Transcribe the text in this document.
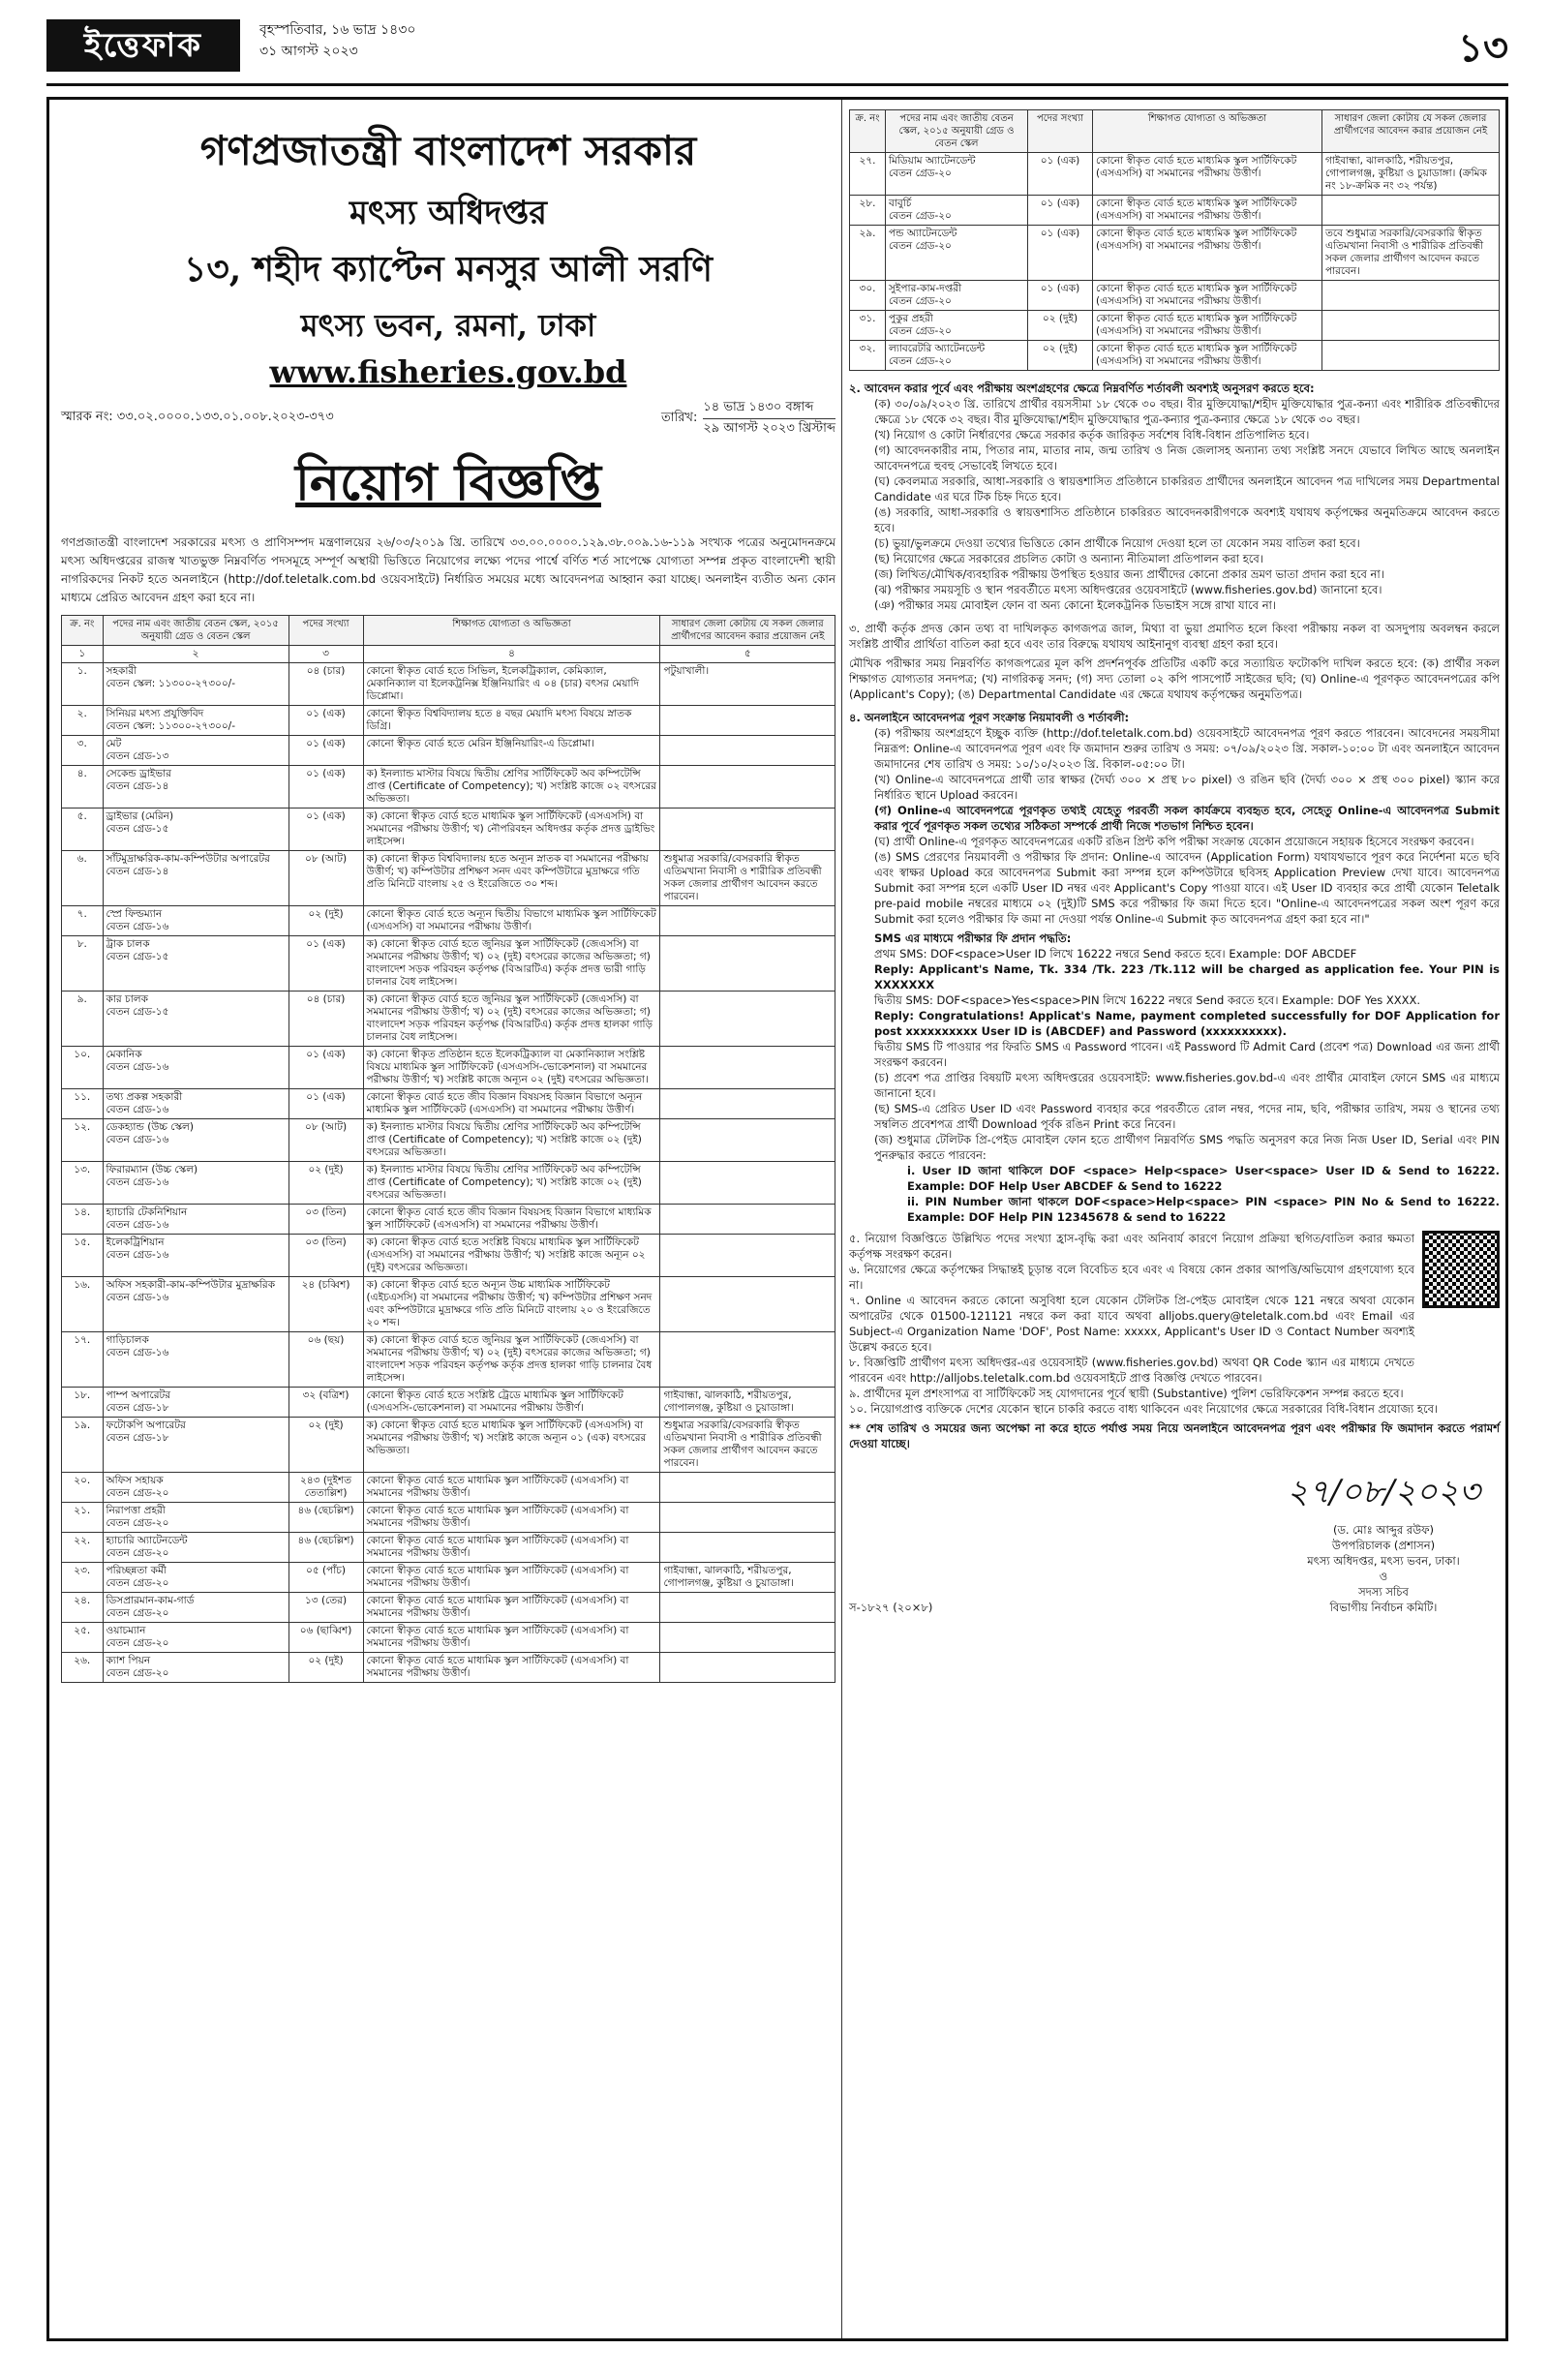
ইত্তেফাক	বৃহস্পতিবার, ১৬ ভাদ্র ১৪৩০
৩১ আগস্ট ২০২৩	১৩
গণপ্রজাতন্ত্রী বাংলাদেশ সরকার
মৎস্য অধিদপ্তর
১৩, শহীদ ক্যাপ্টেন মনসুর আলী সরণি
মৎস্য ভবন, রমনা, ঢাকা
www.fisheries.gov.bd
স্মারক নং: ৩৩.০২.০০০০.১৩৩.০১.০০৮.২০২৩-৩৭৩	তারিখ:
১৪ ভাদ্র ১৪৩০ বঙ্গাব্দ
২৯ আগস্ট ২০২৩ খ্রিস্টাব্দ
নিয়োগ বিজ্ঞপ্তি
গণপ্রজাতন্ত্রী বাংলাদেশ সরকারের মৎস্য ও প্রাণিসম্পদ মন্ত্রণালয়ের ২৬/০৩/২০১৯ খ্রি. তারিখে ৩৩.০০.০০০০.১২৯.৩৮.০০৯.১৬-১১৯ সংখ্যক পত্রের অনুমোদনক্রমে মৎস্য অধিদপ্তরের রাজস্ব খাতভুক্ত নিম্নবর্ণিত পদসমূহে সম্পূর্ণ অস্থায়ী ভিত্তিতে নিয়োগের লক্ষ্যে পদের পার্শ্বে বর্ণিত শর্ত সাপেক্ষে যোগ্যতা সম্পন্ন প্রকৃত বাংলাদেশী স্থায়ী নাগরিকদের নিকট হতে অনলাইনে (http://dof.teletalk.com.bd ওয়েবসাইটে) নির্ধারিত সময়ের মধ্যে আবেদনপত্র আহ্বান করা যাচ্ছে। অনলাইন ব্যতীত অন্য কোন মাধ্যমে প্রেরিত আবেদন গ্রহণ করা হবে না।
ক্র. নং	পদের নাম এবং জাতীয় বেতন স্কেল, ২০১৫ অনুযায়ী গ্রেড ও বেতন স্কেল	পদের সংখ্যা	শিক্ষাগত যোগ্যতা ও অভিজ্ঞতা	সাধারণ জেলা কোটায় যে সকল জেলার প্রার্থীগণের আবেদন করার প্রয়োজন নেই
১	২	৩	৪	৫
১.	সহকারী
বেতন স্কেল: ১১৩০০-২৭৩০০/-	০৪ (চার)	কোনো স্বীকৃত বোর্ড হতে সিভিল, ইলেকট্রিক্যাল, কেমিক্যাল, মেকানিক্যাল বা ইলেকট্রনিক্স ইঞ্জিনিয়ারিং এ ০৪ (চার) বৎসর মেয়াদি ডিপ্লোমা।	পটুয়াখালী।
২.	সিনিয়র মৎস্য প্রযুক্তিবিদ
বেতন স্কেল: ১১৩০০-২৭৩০০/-	০১ (এক)	কোনো স্বীকৃত বিশ্ববিদ্যালয় হতে ৪ বছর মেয়াদি মৎস্য বিষয়ে স্নাতক ডিগ্রি।	
৩.	মেট
বেতন গ্রেড-১৩	০১ (এক)	কোনো স্বীকৃত বোর্ড হতে মেরিন ইঞ্জিনিয়ারিং-এ ডিপ্লোমা।	
৪.	সেকেন্ড ড্রাইভার
বেতন গ্রেড-১৪	০১ (এক)	ক) ইনল্যান্ড মাস্টার বিষয়ে দ্বিতীয় শ্রেণির সার্টিফিকেট অব কম্পিটেন্সি প্রাপ্ত (Certificate of Competency); খ) সংশ্লিষ্ট কাজে ০২ বৎসরের অভিজ্ঞতা।	
৫.	ড্রাইভার (মেরিন)
বেতন গ্রেড-১৫	০১ (এক)	ক) কোনো স্বীকৃত বোর্ড হতে মাধ্যমিক স্কুল সার্টিফিকেট (এসএসসি) বা সমমানের পরীক্ষায় উত্তীর্ণ; খ) নৌপরিবহন অধিদপ্তর কর্তৃক প্রদত্ত ড্রাইভিং লাইসেন্স।	
৬.	সাঁটমুদ্রাক্ষরিক-কাম-কম্পিউটার অপারেটর
বেতন গ্রেড-১৪	০৮ (আট)	ক) কোনো স্বীকৃত বিশ্ববিদ্যালয় হতে অন্যূন স্নাতক বা সমমানের পরীক্ষায় উত্তীর্ণ; খ) কম্পিউটার প্রশিক্ষণ সনদ এবং কম্পিউটারে মুদ্রাক্ষরে গতি প্রতি মিনিটে বাংলায় ২৫ ও ইংরেজিতে ৩০ শব্দ।	শুধুমাত্র সরকারি/বেসরকারি স্বীকৃত এতিমখানা নিবাসী ও শারীরিক প্রতিবন্ধী সকল জেলার প্রার্থীগণ আবেদন করতে পারবেন।
৭.	স্প্রে ফিল্ডম্যান
বেতন গ্রেড-১৬	০২ (দুই)	কোনো স্বীকৃত বোর্ড হতে অন্যূন দ্বিতীয় বিভাগে মাধ্যমিক স্কুল সার্টিফিকেট (এসএসসি) বা সমমানের পরীক্ষায় উত্তীর্ণ।	
৮.	ট্রাক চালক
বেতন গ্রেড-১৫	০১ (এক)	ক) কোনো স্বীকৃত বোর্ড হতে জুনিয়র স্কুল সার্টিফিকেট (জেএসসি) বা সমমানের পরীক্ষায় উত্তীর্ণ; খ) ০২ (দুই) বৎসরের কাজের অভিজ্ঞতা; গ) বাংলাদেশ সড়ক পরিবহন কর্তৃপক্ষ (বিআরটিএ) কর্তৃক প্রদত্ত ভারী গাড়ি চালনার বৈধ লাইসেন্স।	
৯.	কার চালক
বেতন গ্রেড-১৫	০৪ (চার)	ক) কোনো স্বীকৃত বোর্ড হতে জুনিয়র স্কুল সার্টিফিকেট (জেএসসি) বা সমমানের পরীক্ষায় উত্তীর্ণ; খ) ০২ (দুই) বৎসরের কাজের অভিজ্ঞতা; গ) বাংলাদেশ সড়ক পরিবহন কর্তৃপক্ষ (বিআরটিএ) কর্তৃক প্রদত্ত হালকা গাড়ি চালনার বৈধ লাইসেন্স।	
১০.	মেকানিক
বেতন গ্রেড-১৬	০১ (এক)	ক) কোনো স্বীকৃত প্রতিষ্ঠান হতে ইলেকট্রিক্যাল বা মেকানিক্যাল সংশ্লিষ্ট বিষয়ে মাধ্যমিক স্কুল সার্টিফিকেট (এসএসসি-ভোকেশনাল) বা সমমানের পরীক্ষায় উত্তীর্ণ; খ) সংশ্লিষ্ট কাজে অন্যূন ০২ (দুই) বৎসরের অভিজ্ঞতা।	
১১.	তথ্য প্রকল্প সহকারী
বেতন গ্রেড-১৬	০১ (এক)	কোনো স্বীকৃত বোর্ড হতে জীব বিজ্ঞান বিষয়সহ বিজ্ঞান বিভাগে অন্যূন মাধ্যমিক স্কুল সার্টিফিকেট (এসএসসি) বা সমমানের পরীক্ষায় উত্তীর্ণ।	
১২.	ডেকহ্যান্ড (উচ্চ স্কেল)
বেতন গ্রেড-১৬	০৮ (আট)	ক) ইনল্যান্ড মাস্টার বিষয়ে দ্বিতীয় শ্রেণির সার্টিফিকেট অব কম্পিটেন্সি প্রাপ্ত (Certificate of Competency); খ) সংশ্লিষ্ট কাজে ০২ (দুই) বৎসরের অভিজ্ঞতা।	
১৩.	ফিরারম্যান (উচ্চ স্কেল)
বেতন গ্রেড-১৬	০২ (দুই)	ক) ইনল্যান্ড মাস্টার বিষয়ে দ্বিতীয় শ্রেণির সার্টিফিকেট অব কম্পিটেন্সি প্রাপ্ত (Certificate of Competency); খ) সংশ্লিষ্ট কাজে ০২ (দুই) বৎসরের অভিজ্ঞতা।	
১৪.	হ্যাচারি টেকনিশিয়ান
বেতন গ্রেড-১৬	০৩ (তিন)	কোনো স্বীকৃত বোর্ড হতে জীব বিজ্ঞান বিষয়সহ বিজ্ঞান বিভাগে মাধ্যমিক স্কুল সার্টিফিকেট (এসএসসি) বা সমমানের পরীক্ষায় উত্তীর্ণ।	
১৫.	ইলেকট্রিশিয়ান
বেতন গ্রেড-১৬	০৩ (তিন)	ক) কোনো স্বীকৃত বোর্ড হতে সংশ্লিষ্ট বিষয়ে মাধ্যমিক স্কুল সার্টিফিকেট (এসএসসি) বা সমমানের পরীক্ষায় উত্তীর্ণ; খ) সংশ্লিষ্ট কাজে অন্যূন ০২ (দুই) বৎসরের অভিজ্ঞতা।	
১৬.	অফিস সহকারী-কাম-কম্পিউটার মুদ্রাক্ষরিক
বেতন গ্রেড-১৬	২৪ (চব্বিশ)	ক) কোনো স্বীকৃত বোর্ড হতে অন্যূন উচ্চ মাধ্যমিক সার্টিফিকেট (এইচএসসি) বা সমমানের পরীক্ষায় উত্তীর্ণ; খ) কম্পিউটার প্রশিক্ষণ সনদ এবং কম্পিউটারে মুদ্রাক্ষরে গতি প্রতি মিনিটে বাংলায় ২০ ও ইংরেজিতে ২০ শব্দ।	
১৭.	গাড়িচালক
বেতন গ্রেড-১৬	০৬ (ছয়)	ক) কোনো স্বীকৃত বোর্ড হতে জুনিয়র স্কুল সার্টিফিকেট (জেএসসি) বা সমমানের পরীক্ষায় উত্তীর্ণ; খ) ০২ (দুই) বৎসরের কাজের অভিজ্ঞতা; গ) বাংলাদেশ সড়ক পরিবহন কর্তৃপক্ষ কর্তৃক প্রদত্ত হালকা গাড়ি চালনার বৈধ লাইসেন্স।	
১৮.	পাম্প অপারেটর
বেতন গ্রেড-১৮	৩২ (বত্রিশ)	কোনো স্বীকৃত বোর্ড হতে সংশ্লিষ্ট ট্রেডে মাধ্যমিক স্কুল সার্টিফিকেট (এসএসসি-ভোকেশনাল) বা সমমানের পরীক্ষায় উত্তীর্ণ।	গাইবান্ধা, ঝালকাঠি, শরীয়তপুর, গোপালগঞ্জ, কুষ্টিয়া ও চুয়াডাঙ্গা।
১৯.	ফটোকপি অপারেটর
বেতন গ্রেড-১৮	০২ (দুই)	ক) কোনো স্বীকৃত বোর্ড হতে মাধ্যমিক স্কুল সার্টিফিকেট (এসএসসি) বা সমমানের পরীক্ষায় উত্তীর্ণ; খ) সংশ্লিষ্ট কাজে অন্যূন ০১ (এক) বৎসরের অভিজ্ঞতা।	শুধুমাত্র সরকারি/বেসরকারি স্বীকৃত এতিমখানা নিবাসী ও শারীরিক প্রতিবন্ধী সকল জেলার প্রার্থীগণ আবেদন করতে পারবেন।
২০.	অফিস সহায়ক
বেতন গ্রেড-২০	২৪৩ (দুইশত তেতাল্লিশ)	কোনো স্বীকৃত বোর্ড হতে মাধ্যমিক স্কুল সার্টিফিকেট (এসএসসি) বা সমমানের পরীক্ষায় উত্তীর্ণ।	
২১.	নিরাপত্তা প্রহরী
বেতন গ্রেড-২০	৪৬ (ছেচল্লিশ)	কোনো স্বীকৃত বোর্ড হতে মাধ্যমিক স্কুল সার্টিফিকেট (এসএসসি) বা সমমানের পরীক্ষায় উত্তীর্ণ।	
২২.	হ্যাচারি অ্যাটেনডেন্ট
বেতন গ্রেড-২০	৪৬ (ছেচল্লিশ)	কোনো স্বীকৃত বোর্ড হতে মাধ্যমিক স্কুল সার্টিফিকেট (এসএসসি) বা সমমানের পরীক্ষায় উত্তীর্ণ।	
২৩.	পরিচ্ছন্নতা কর্মী
বেতন গ্রেড-২০	০৫ (পাঁচ)	কোনো স্বীকৃত বোর্ড হতে মাধ্যমিক স্কুল সার্টিফিকেট (এসএসসি) বা সমমানের পরীক্ষায় উত্তীর্ণ।	গাইবান্ধা, ঝালকাঠি, শরীয়তপুর, গোপালগঞ্জ, কুষ্টিয়া ও চুয়াডাঙ্গা।
২৪.	ডিসপ্রারমান-কাম-গার্ড
বেতন গ্রেড-২০	১৩ (তের)	কোনো স্বীকৃত বোর্ড হতে মাধ্যমিক স্কুল সার্টিফিকেট (এসএসসি) বা সমমানের পরীক্ষায় উত্তীর্ণ।	
২৫.	ওয়াচম্যান
বেতন গ্রেড-২০	০৬ (ছাব্বিশ)	কোনো স্বীকৃত বোর্ড হতে মাধ্যমিক স্কুল সার্টিফিকেট (এসএসসি) বা সমমানের পরীক্ষায় উত্তীর্ণ।	
২৬.	ক্যাশ পিয়ন
বেতন গ্রেড-২০	০২ (দুই)	কোনো স্বীকৃত বোর্ড হতে মাধ্যমিক স্কুল সার্টিফিকেট (এসএসসি) বা সমমানের পরীক্ষায় উত্তীর্ণ।	
ক্র. নং	পদের নাম এবং জাতীয় বেতন স্কেল, ২০১৫ অনুযায়ী গ্রেড ও বেতন স্কেল	পদের সংখ্যা	শিক্ষাগত যোগ্যতা ও অভিজ্ঞতা	সাধারণ জেলা কোটায় যে সকল জেলার প্রার্থীগণের আবেদন করার প্রয়োজন নেই
২৭.	মিডিয়াম অ্যাটেনডেন্ট
বেতন গ্রেড-২০	০১ (এক)	কোনো স্বীকৃত বোর্ড হতে মাধ্যমিক স্কুল সার্টিফিকেট (এসএসসি) বা সমমানের পরীক্ষায় উত্তীর্ণ।	গাইবান্ধা, ঝালকাঠি, শরীয়তপুর, গোপালগঞ্জ, কুষ্টিয়া ও চুয়াডাঙ্গা। (ক্রমিক নং ১৮-ক্রমিক নং ৩২ পর্যন্ত)
২৮.	বাবুর্চি
বেতন গ্রেড-২০	০১ (এক)	কোনো স্বীকৃত বোর্ড হতে মাধ্যমিক স্কুল সার্টিফিকেট (এসএসসি) বা সমমানের পরীক্ষায় উত্তীর্ণ।	
২৯.	পন্ড অ্যাটেনডেন্ট
বেতন গ্রেড-২০	০১ (এক)	কোনো স্বীকৃত বোর্ড হতে মাধ্যমিক স্কুল সার্টিফিকেট (এসএসসি) বা সমমানের পরীক্ষায় উত্তীর্ণ।	তবে শুধুমাত্র সরকারি/বেসরকারি স্বীকৃত এতিমখানা নিবাসী ও শারীরিক প্রতিবন্ধী সকল জেলার প্রার্থীগণ আবেদন করতে পারবেন।
৩০.	সুইপার-কাম-দপ্তরী
বেতন গ্রেড-২০	০১ (এক)	কোনো স্বীকৃত বোর্ড হতে মাধ্যমিক স্কুল সার্টিফিকেট (এসএসসি) বা সমমানের পরীক্ষায় উত্তীর্ণ।	
৩১.	পুকুর প্রহরী
বেতন গ্রেড-২০	০২ (দুই)	কোনো স্বীকৃত বোর্ড হতে মাধ্যমিক স্কুল সার্টিফিকেট (এসএসসি) বা সমমানের পরীক্ষায় উত্তীর্ণ।	
৩২.	ল্যাবরেটরি অ্যাটেনডেন্ট
বেতন গ্রেড-২০	০২ (দুই)	কোনো স্বীকৃত বোর্ড হতে মাধ্যমিক স্কুল সার্টিফিকেট (এসএসসি) বা সমমানের পরীক্ষায় উত্তীর্ণ।	
২. আবেদন করার পূর্বে এবং পরীক্ষায় অংশগ্রহণের ক্ষেত্রে নিম্নবর্ণিত শর্তাবলী অবশ্যই অনুসরণ করতে হবে:
(ক) ৩০/০৯/২০২৩ খ্রি. তারিখে প্রার্থীর বয়সসীমা ১৮ থেকে ৩০ বছর। বীর মুক্তিযোদ্ধা/শহীদ মুক্তিযোদ্ধার পুত্র-কন্যা এবং শারীরিক প্রতিবন্ধীদের ক্ষেত্রে ১৮ থেকে ৩২ বছর। বীর মুক্তিযোদ্ধা/শহীদ মুক্তিযোদ্ধার পুত্র-কন্যার পুত্র-কন্যার ক্ষেত্রে ১৮ থেকে ৩০ বছর।
(খ) নিয়োগ ও কোটা নির্ধারণের ক্ষেত্রে সরকার কর্তৃক জারিকৃত সর্বশেষ বিধি-বিধান প্রতিপালিত হবে।
(গ) আবেদনকারীর নাম, পিতার নাম, মাতার নাম, জন্ম তারিখ ও নিজ জেলাসহ অন্যান্য তথ্য সংশ্লিষ্ট সনদে যেভাবে লিখিত আছে অনলাইন আবেদনপত্রে হুবহু সেভাবেই লিখতে হবে।
(ঘ) কেবলমাত্র সরকারি, আধা-সরকারি ও স্বায়ত্তশাসিত প্রতিষ্ঠানে চাকরিরত প্রার্থীদের অনলাইনে আবেদন পত্র দাখিলের সময় Departmental Candidate এর ঘরে টিক চিহ্ন দিতে হবে।
(ঙ) সরকারি, আধা-সরকারি ও স্বায়ত্তশাসিত প্রতিষ্ঠানে চাকরিরত আবেদনকারীগণকে অবশ্যই যথাযথ কর্তৃপক্ষের অনুমতিক্রমে আবেদন করতে হবে।
(চ) ভুয়া/ভুলক্রমে দেওয়া তথ্যের ভিত্তিতে কোন প্রার্থীকে নিয়োগ দেওয়া হলে তা যেকোন সময় বাতিল করা হবে।
(ছ) নিয়োগের ক্ষেত্রে সরকারের প্রচলিত কোটা ও অন্যান্য নীতিমালা প্রতিপালন করা হবে।
(জ) লিখিত/মৌখিক/ব্যবহারিক পরীক্ষায় উপস্থিত হওয়ার জন্য প্রার্থীদের কোনো প্রকার ভ্রমণ ভাতা প্রদান করা হবে না।
(ঝ) পরীক্ষার সময়সূচি ও স্থান পরবর্তীতে মৎস্য অধিদপ্তরের ওয়েবসাইটে (www.fisheries.gov.bd) জানানো হবে।
(ঞ) পরীক্ষার সময় মোবাইল ফোন বা অন্য কোনো ইলেকট্রনিক ডিভাইস সঙ্গে রাখা যাবে না।
৩. প্রার্থী কর্তৃক প্রদত্ত কোন তথ্য বা দাখিলকৃত কাগজপত্র জাল, মিথ্যা বা ভুয়া প্রমাণিত হলে কিংবা পরীক্ষায় নকল বা অসদুপায় অবলম্বন করলে সংশ্লিষ্ট প্রার্থীর প্রার্থিতা বাতিল করা হবে এবং তার বিরুদ্ধে যথাযথ আইনানুগ ব্যবস্থা গ্রহণ করা হবে।
মৌখিক পরীক্ষার সময় নিম্নবর্ণিত কাগজপত্রের মূল কপি প্রদর্শনপূর্বক প্রতিটির একটি করে সত্যায়িত ফটোকপি দাখিল করতে হবে: (ক) প্রার্থীর সকল শিক্ষাগত যোগ্যতার সনদপত্র; (খ) নাগরিকত্ব সনদ; (গ) সদ্য তোলা ০২ কপি পাসপোর্ট সাইজের ছবি; (ঘ) Online-এ পূরণকৃত আবেদনপত্রের কপি (Applicant's Copy); (ঙ) Departmental Candidate এর ক্ষেত্রে যথাযথ কর্তৃপক্ষের অনুমতিপত্র।
৪. অনলাইনে আবেদনপত্র পূরণ সংক্রান্ত নিয়মাবলী ও শর্তাবলী:
(ক) পরীক্ষায় অংশগ্রহণে ইচ্ছুক ব্যক্তি (http://dof.teletalk.com.bd) ওয়েবসাইটে আবেদনপত্র পূরণ করতে পারবেন। আবেদনের সময়সীমা নিম্নরূপ: Online-এ আবেদনপত্র পূরণ এবং ফি জমাদান শুরুর তারিখ ও সময়: ০৭/০৯/২০২৩ খ্রি. সকাল-১০:০০ টা এবং অনলাইনে আবেদন জমাদানের শেষ তারিখ ও সময়: ১০/১০/২০২৩ খ্রি. বিকাল-০৫:০০ টা।
(খ) Online-এ আবেদনপত্রে প্রার্থী তার স্বাক্ষর (দৈর্ঘ্য ৩০০ × প্রস্থ ৮০ pixel) ও রঙিন ছবি (দৈর্ঘ্য ৩০০ × প্রস্থ ৩০০ pixel) স্ক্যান করে নির্ধারিত স্থানে Upload করবেন।
(গ) Online-এ আবেদনপত্রে পূরণকৃত তথ্যই যেহেতু পরবর্তী সকল কার্যক্রমে ব্যবহৃত হবে, সেহেতু Online-এ আবেদনপত্র Submit করার পূর্বে পূরণকৃত সকল তথ্যের সঠিকতা সম্পর্কে প্রার্থী নিজে শতভাগ নিশ্চিত হবেন।
(ঘ) প্রার্থী Online-এ পূরণকৃত আবেদনপত্রের একটি রঙিন প্রিন্ট কপি পরীক্ষা সংক্রান্ত যেকোন প্রয়োজনে সহায়ক হিসেবে সংরক্ষণ করবেন।
(ঙ) SMS প্রেরণের নিয়মাবলী ও পরীক্ষার ফি প্রদান: Online-এ আবেদন (Application Form) যথাযথভাবে পূরণ করে নির্দেশনা মতে ছবি এবং স্বাক্ষর Upload করে আবেদনপত্র Submit করা সম্পন্ন হলে কম্পিউটারে ছবিসহ Application Preview দেখা যাবে। আবেদনপত্র Submit করা সম্পন্ন হলে একটি User ID নম্বর এবং Applicant's Copy পাওয়া যাবে। এই User ID ব্যবহার করে প্রার্থী যেকোন Teletalk pre-paid mobile নম্বরের মাধ্যমে ০২ (দুই)টি SMS করে পরীক্ষার ফি জমা দিতে হবে। "Online-এ আবেদনপত্রের সকল অংশ পূরণ করে Submit করা হলেও পরীক্ষার ফি জমা না দেওয়া পর্যন্ত Online-এ Submit কৃত আবেদনপত্র গ্রহণ করা হবে না।"
SMS এর মাধ্যমে পরীক্ষার ফি প্রদান পদ্ধতি:
প্রথম SMS: DOF<space>User ID লিখে 16222 নম্বরে Send করতে হবে। Example: DOF ABCDEF
Reply: Applicant's Name, Tk. 334 /Tk. 223 /Tk.112 will be charged as application fee. Your PIN is XXXXXXX
দ্বিতীয় SMS: DOF<space>Yes<space>PIN লিখে 16222 নম্বরে Send করতে হবে। Example: DOF Yes XXXX.
Reply: Congratulations! Applicat's Name, payment completed successfully for DOF Application for post xxxxxxxxxx User ID is (ABCDEF) and Password (xxxxxxxxxx).
দ্বিতীয় SMS টি পাওয়ার পর ফিরতি SMS এ Password পাবেন। এই Password টি Admit Card (প্রবেশ পত্র) Download এর জন্য প্রার্থী সংরক্ষণ করবেন।
(চ) প্রবেশ পত্র প্রাপ্তির বিষয়টি মৎস্য অধিদপ্তরের ওয়েবসাইট: www.fisheries.gov.bd-এ এবং প্রার্থীর মোবাইল ফোনে SMS এর মাধ্যমে জানানো হবে।
(ছ) SMS-এ প্রেরিত User ID এবং Password ব্যবহার করে পরবর্তীতে রোল নম্বর, পদের নাম, ছবি, পরীক্ষার তারিখ, সময় ও স্থানের তথ্য সম্বলিত প্রবেশপত্র প্রার্থী Download পূর্বক রঙিন Print করে নিবেন।
(জ) শুধুমাত্র টেলিটক প্রি-পেইড মোবাইল ফোন হতে প্রার্থীগণ নিম্নবর্ণিত SMS পদ্ধতি অনুসরণ করে নিজ নিজ User ID, Serial এবং PIN পুনরুদ্ধার করতে পারবেন:
i. User ID জানা থাকিলে DOF <space> Help<space> User<space> User ID & Send to 16222. Example: DOF Help User ABCDEF & Send to 16222
ii. PIN Number জানা থাকলে DOF<space>Help<space> PIN <space> PIN No & Send to 16222. Example: DOF Help PIN 12345678 & send to 16222
৫. নিয়োগ বিজ্ঞপ্তিতে উল্লিখিত পদের সংখ্যা হ্রাস-বৃদ্ধি করা এবং অনিবার্য কারণে নিয়োগ প্রক্রিয়া স্থগিত/বাতিল করার ক্ষমতা কর্তৃপক্ষ সংরক্ষণ করেন।
৬. নিয়োগের ক্ষেত্রে কর্তৃপক্ষের সিদ্ধান্তই চূড়ান্ত বলে বিবেচিত হবে এবং এ বিষয়ে কোন প্রকার আপত্তি/অভিযোগ গ্রহণযোগ্য হবে না।
৭. Online এ আবেদন করতে কোনো অসুবিধা হলে যেকোন টেলিটক প্রি-পেইড মোবাইল থেকে 121 নম্বরে অথবা যেকোন অপারেটর থেকে 01500-121121 নম্বরে কল করা যাবে অথবা alljobs.query@teletalk.com.bd এবং Email এর Subject-এ Organization Name 'DOF', Post Name: xxxxx, Applicant's User ID ও Contact Number অবশ্যই উল্লেখ করতে হবে।
৮. বিজ্ঞপ্তিটি প্রার্থীগণ মৎস্য অধিদপ্তর-এর ওয়েবসাইট (www.fisheries.gov.bd) অথবা QR Code স্ক্যান এর মাধ্যমে দেখতে পারবেন এবং http://alljobs.teletalk.com.bd ওয়েবসাইটে প্রাপ্ত বিজ্ঞপ্তি দেখতে পারবেন।
৯. প্রার্থীদের মূল প্রশংসাপত্র বা সার্টিফিকেট সহ যোগদানের পূর্বে স্থায়ী (Substantive) পুলিশ ভেরিফিকেশন সম্পন্ন করতে হবে।
১০. নিয়োগপ্রাপ্ত ব্যক্তিকে দেশের যেকোন স্থানে চাকরি করতে বাধ্য থাকিবেন এবং নিয়োগের ক্ষেত্রে সরকারের বিধি-বিধান প্রযোজ্য হবে।
** শেষ তারিখ ও সময়ের জন্য অপেক্ষা না করে হাতে পর্যাপ্ত সময় নিয়ে অনলাইনে আবেদনপত্র পূরণ এবং পরীক্ষার ফি জমাদান করতে পরামর্শ দেওয়া যাচ্ছে।
স-১৮২৭ (২০×৮)
২৭/০৮/২০২৩
(ড. মোঃ আব্দুর রউফ)
উপপরিচালক (প্রশাসন)
মৎস্য অধিদপ্তর, মৎস্য ভবন, ঢাকা।
ও
সদস্য সচিব
বিভাগীয় নির্বাচন কমিটি।
